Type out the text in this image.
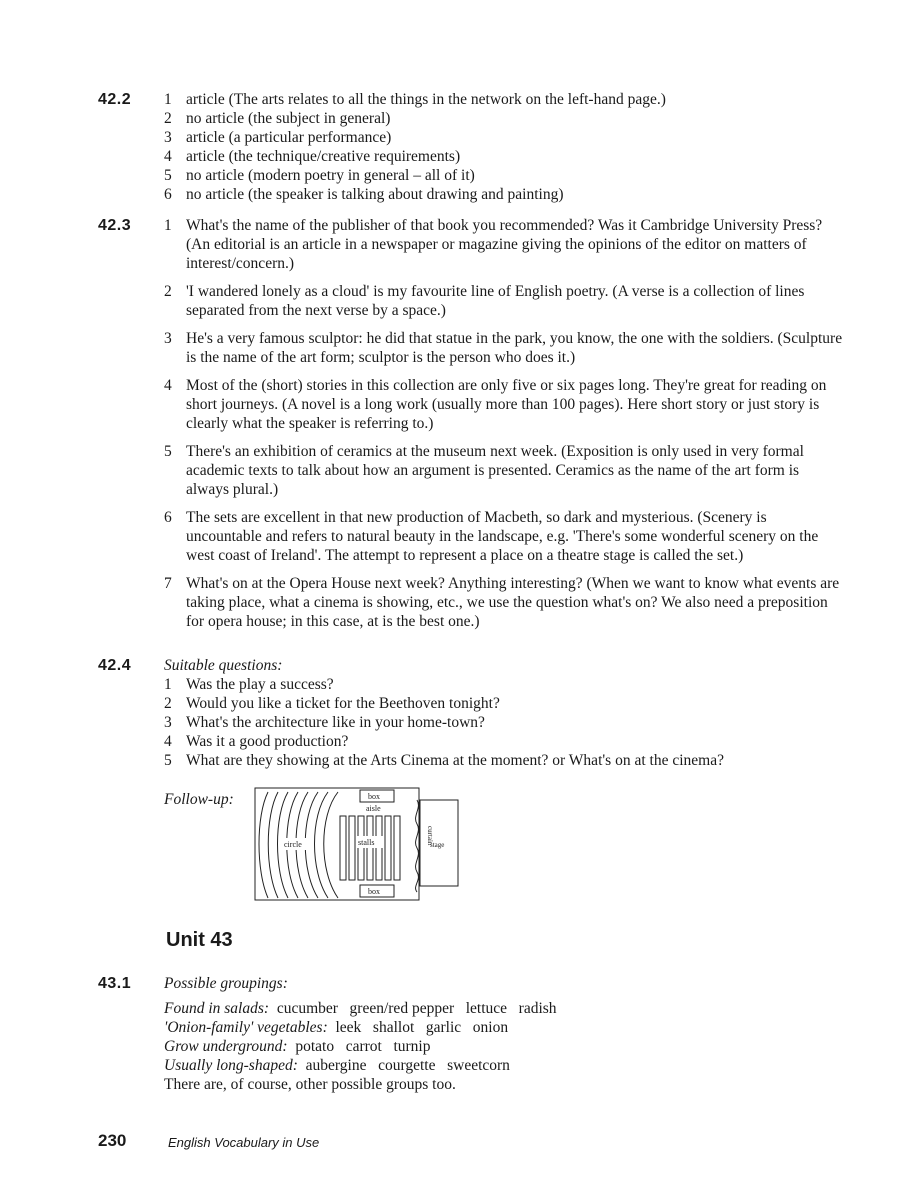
42.2 1 article (The arts relates to all the things in the network on the left-hand page.)
2 no article (the subject in general)
3 article (a particular performance)
4 article (the technique/creative requirements)
5 no article (modern poetry in general – all of it)
6 no article (the speaker is talking about drawing and painting)
42.3 1 What's the name of the publisher of that book you recommended? Was it Cambridge University Press? (An editorial is an article in a newspaper or magazine giving the opinions of the editor on matters of interest/concern.)
2 'I wandered lonely as a cloud' is my favourite line of English poetry. (A verse is a collection of lines separated from the next verse by a space.)
3 He's a very famous sculptor: he did that statue in the park, you know, the one with the soldiers. (Sculpture is the name of the art form; sculptor is the person who does it.)
4 Most of the (short) stories in this collection are only five or six pages long. They're great for reading on short journeys. (A novel is a long work (usually more than 100 pages). Here short story or just story is clearly what the speaker is referring to.)
5 There's an exhibition of ceramics at the museum next week. (Exposition is only used in very formal academic texts to talk about how an argument is presented. Ceramics as the name of the art form is always plural.)
6 The sets are excellent in that new production of Macbeth, so dark and mysterious. (Scenery is uncountable and refers to natural beauty in the landscape, e.g. 'There's some wonderful scenery on the west coast of Ireland'. The attempt to represent a place on a theatre stage is called the set.)
7 What's on at the Opera House next week? Anything interesting? (When we want to know what events are taking place, what a cinema is showing, etc., we use the question what's on? We also need a preposition for opera house; in this case, at is the best one.)
42.4 Suitable questions:
1 Was the play a success?
2 Would you like a ticket for the Beethoven tonight?
3 What's the architecture like in your home-town?
4 Was it a good production?
5 What are they showing at the Arts Cinema at the moment? or What's on at the cinema?
Follow-up:
circle
box
aisle
stalls
box
curtain
stage
Unit 43
43.1 Possible groupings:

Found in salads: cucumber   green/red pepper   lettuce   radish

'Onion-family' vegetables: leek   shallot   garlic   onion

Grow underground: potato   carrot   turnip

Usually long-shaped: aubergine   courgette   sweetcorn

There are, of course, other possible groups too.

230	English Vocabulary in Use
